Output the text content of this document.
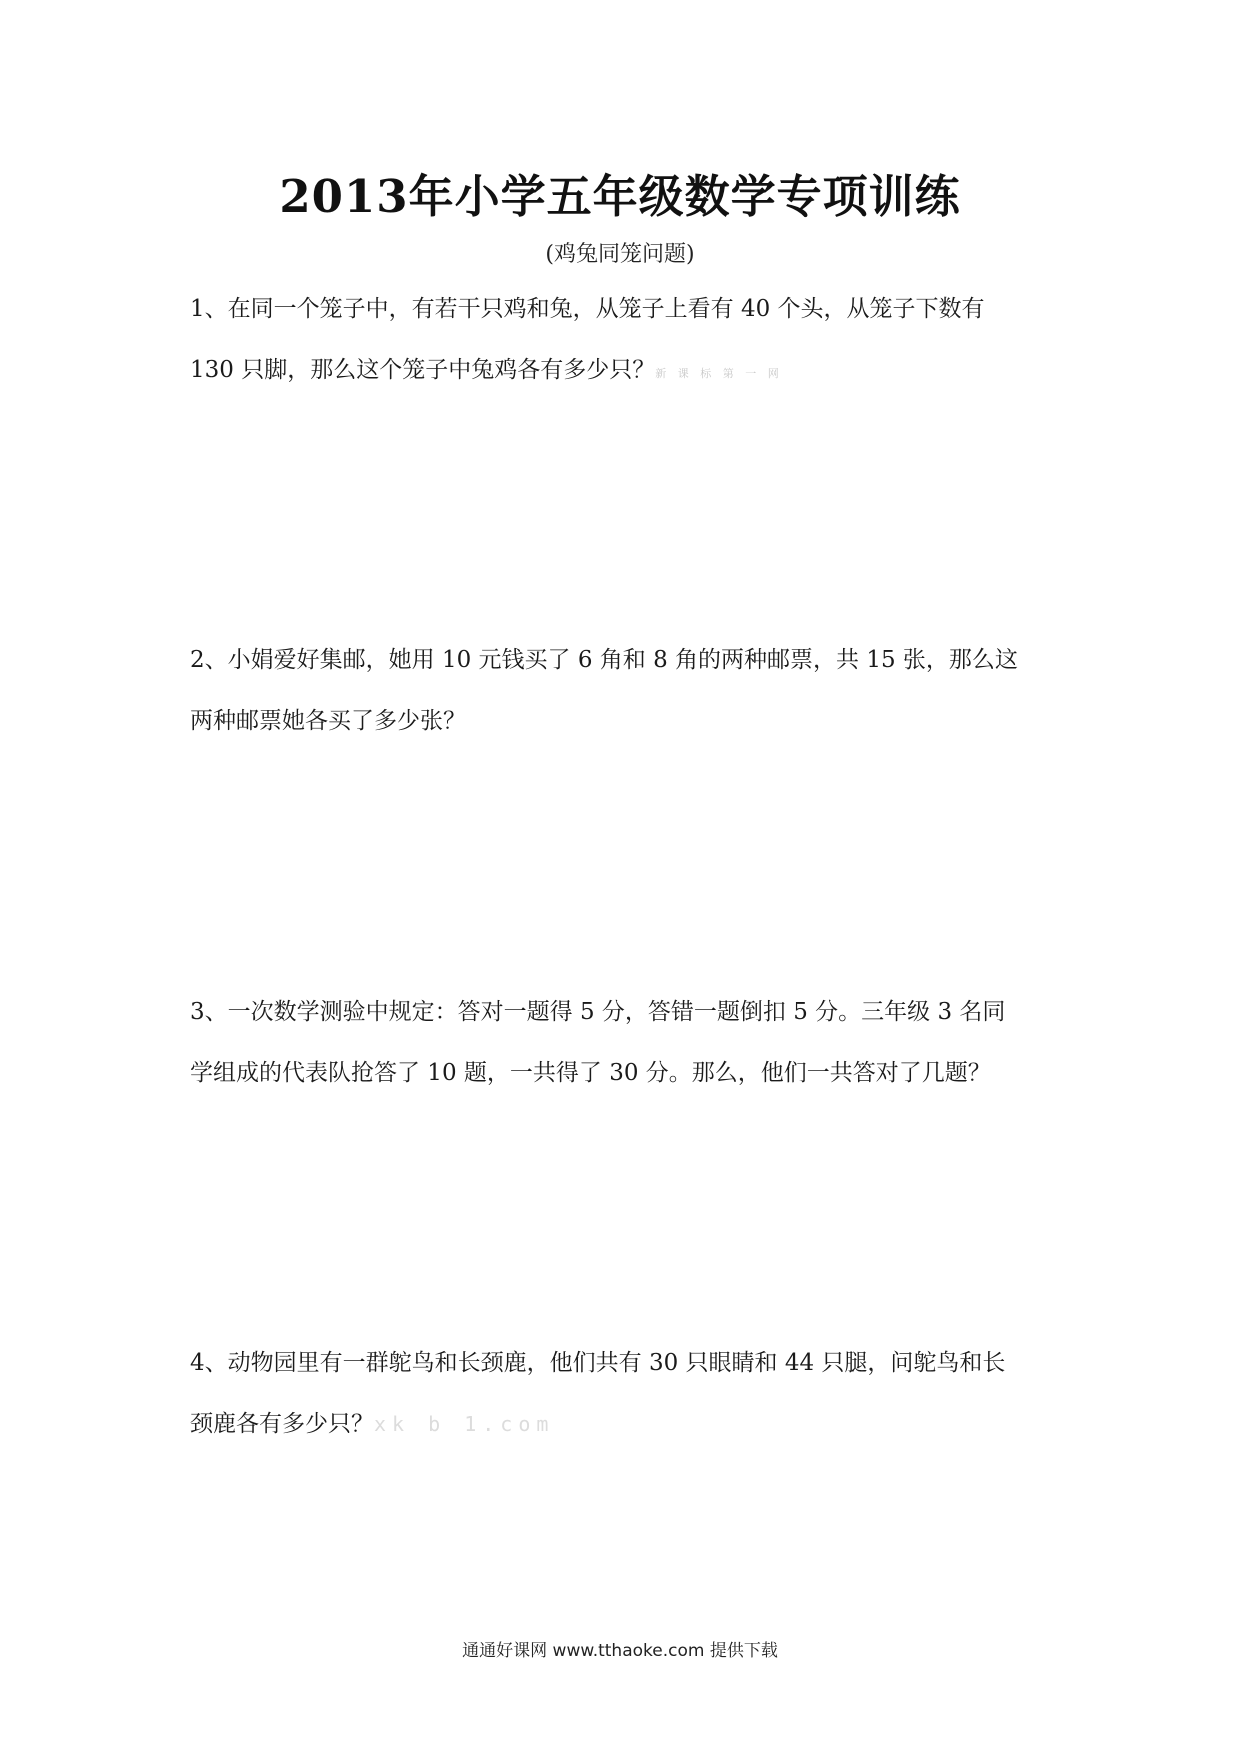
2013年小学五年级数学专项训练
(鸡兔同笼问题)
1、在同一个笼子中，有若干只鸡和兔，从笼子上看有 40 个头，从笼子下数有
130 只脚，那么这个笼子中兔鸡各有多少只？新 课 标 第 一 网
2、小娟爱好集邮，她用 10 元钱买了 6 角和 8 角的两种邮票，共 15 张，那么这
两种邮票她各买了多少张？
3、一次数学测验中规定：答对一题得 5 分，答错一题倒扣 5 分。三年级 3 名同
学组成的代表队抢答了 10 题，一共得了 30 分。那么，他们一共答对了几题？
4、动物园里有一群鸵鸟和长颈鹿，他们共有 30 只眼睛和 44 只腿，问鸵鸟和长
颈鹿各有多少只？xk b 1.com
通通好课网 www.tthaoke.com 提供下载
